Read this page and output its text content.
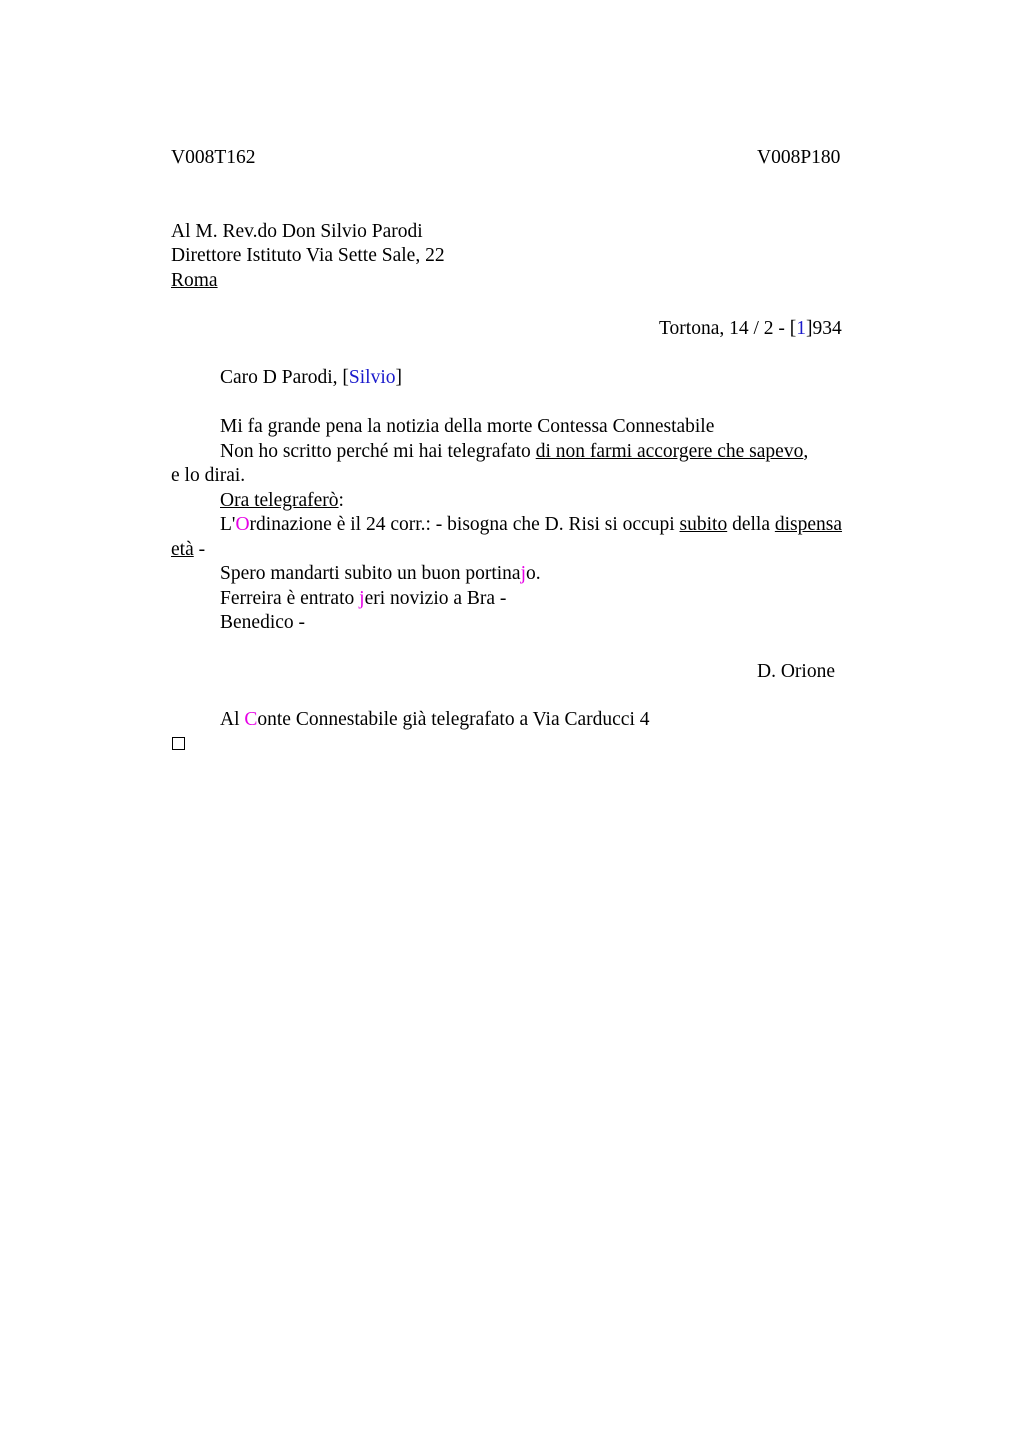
V008T162	V008P180
Al M. Rev.do Don Silvio Parodi
Direttore Istituto Via Sette Sale, 22
Roma
Tortona, 14 / 2 - [1]934
Caro D Parodi, [Silvio]
Mi fa grande pena la notizia della morte Contessa Connestabile
Non ho scritto perché mi hai telegrafato di non farmi accorgere che sapevo,
e lo dirai.
Ora telegraferò:
L'Ordinazione è il 24 corr.: - bisogna che D. Risi si occupi subito della dispensa
età -
Spero mandarti subito un buon portinajo.
Ferreira è entrato jeri novizio a Bra -
Benedico -
D. Orione
Al Conte Connestabile già telegrafato a Via Carducci 4
